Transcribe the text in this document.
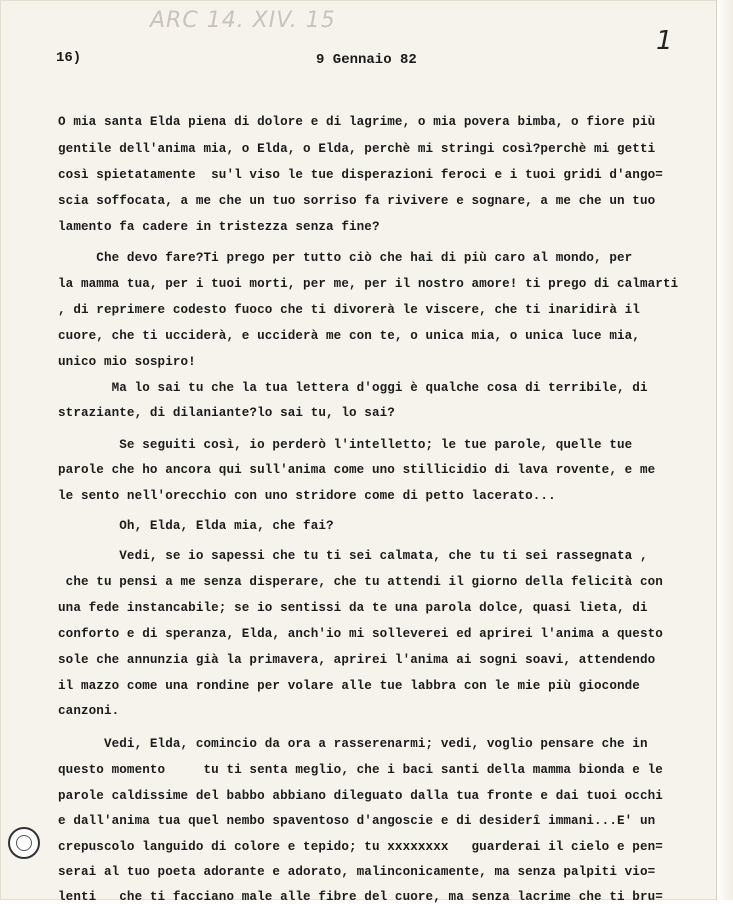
ARC 14. XIV. 15
1
16)	9 Gennaio 82
O mia santa Elda piena di dolore e di lagrime, o mia povera bimba, o fiore più
gentile dell'anima mia, o Elda, o Elda, perchè mi stringi così?perchè mi getti
così spietatamente  su'l viso le tue disperazioni feroci e i tuoi gridi d'ango=
scia soffocata, a me che un tuo sorriso fa rivivere e sognare, a me che un tuo
lamento fa cadere in tristezza senza fine?
Che devo fare?Ti prego per tutto ciò che hai di più caro al mondo, per
la mamma tua, per i tuoi morti, per me, per il nostro amore! ti prego di calmarti
, di reprimere codesto fuoco che ti divorerà le viscere, che ti inaridirà il
cuore, che ti ucciderà, e ucciderà me con te, o unica mia, o unica luce mia,
unico mio sospiro!
Ma lo sai tu che la tua lettera d'oggi è qualche cosa di terribile, di
straziante, di dilaniante?lo sai tu, lo sai?
Se seguiti così, io perderò l'intelletto; le tue parole, quelle tue
parole che ho ancora qui sull'anima come uno stillicidio di lava rovente, e me
le sento nell'orecchio con uno stridore come di petto lacerato...
Oh, Elda, Elda mia, che fai?
Vedi, se io sapessi che tu ti sei calmata, che tu ti sei rassegnata ,
che tu pensi a me senza disperare, che tu attendi il giorno della felicità con
una fede instancabile; se io sentissi da te una parola dolce, quasi lieta, di
conforto e di speranza, Elda, anch'io mi solleverei ed aprirei l'anima a questo
sole che annunzia già la primavera, aprirei l'anima ai sogni soavi, attendendo
il mazzo come una rondine per volare alle tue labbra con le mie più gioconde
canzoni.
Vedi, Elda, comincio da ora a rasserenarmi; vedi, voglio pensare che in
questo momento     tu ti senta meglio, che i baci santi della mamma bionda e le
parole caldissime del babbo abbiano dileguato dalla tua fronte e dai tuoi occhi
e dall'anima tua quel nembo spaventoso d'angoscie e di desiderî immani...E' un
crepuscolo languido di colore e tepido; tu xxxxxxxx   guarderai il cielo e pen=
serai al tuo poeta adorante e adorato, malinconicamente, ma senza palpiti vio=
lenti   che ti facciano male alle fibre del cuore, ma senza lacrime che ti bru=
